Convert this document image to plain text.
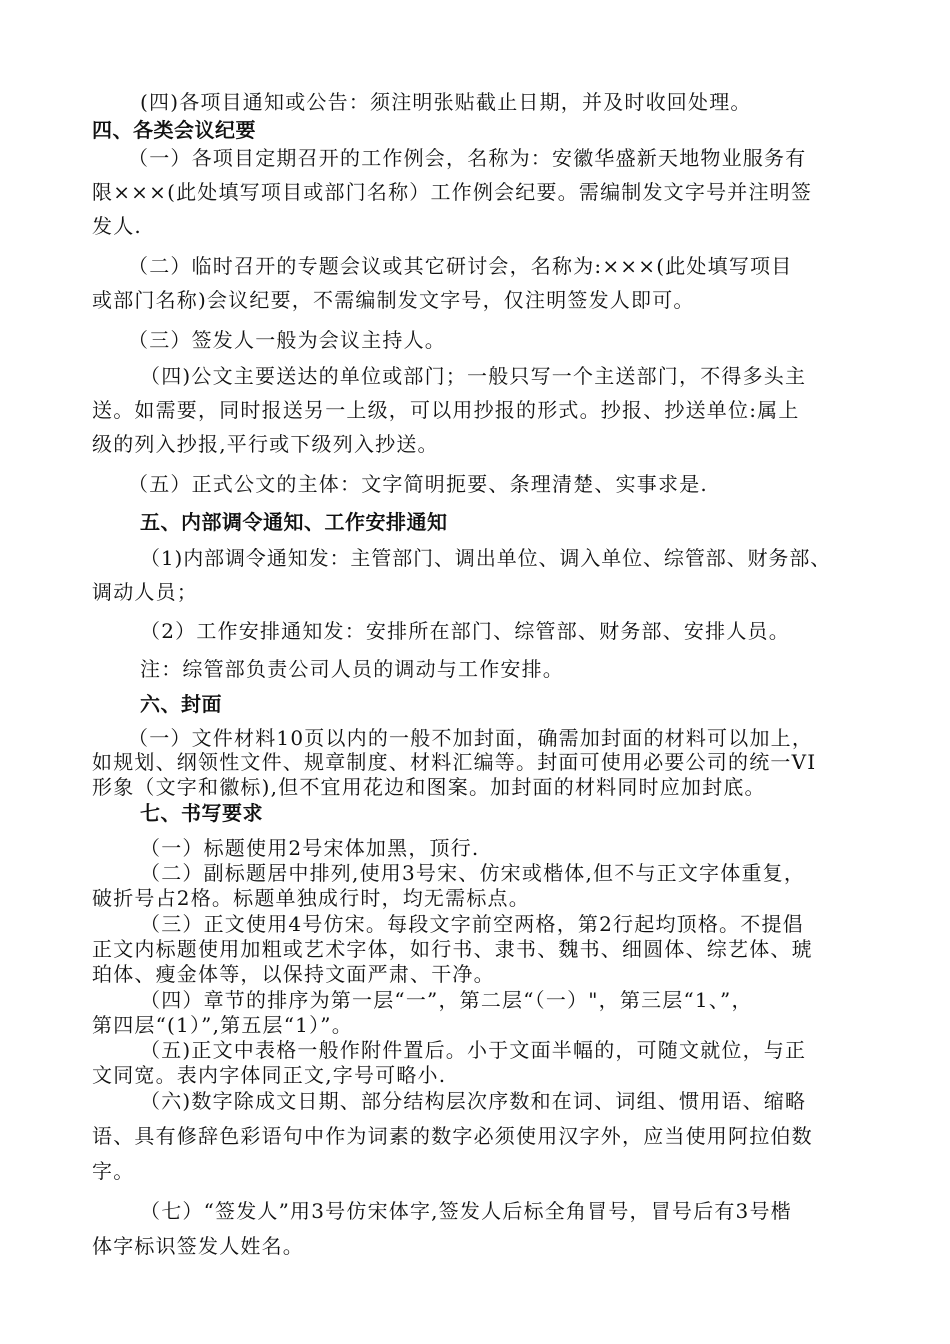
(四)各项目通知或公告：须注明张贴截止日期，并及时收回处理。
四、各类会议纪要
（一）各项目定期召开的工作例会，名称为：安徽华盛新天地物业服务有
限×××(此处填写项目或部门名称）工作例会纪要。需编制发文字号并注明签
发人.
（二）临时召开的专题会议或其它研讨会，名称为:×××(此处填写项目
或部门名称)会议纪要，不需编制发文字号，仅注明签发人即可。
（三）签发人一般为会议主持人。
（四)公文主要送达的单位或部门；一般只写一个主送部门，不得多头主
送。如需要，同时报送另一上级，可以用抄报的形式。抄报、抄送单位:属上
级的列入抄报,平行或下级列入抄送。
（五）正式公文的主体：文字简明扼要、条理清楚、实事求是.
五、内部调令通知、工作安排通知
（1)内部调令通知发：主管部门、调出单位、调入单位、综管部、财务部、
调动人员；
（2）工作安排通知发：安排所在部门、综管部、财务部、安排人员。
注：综管部负责公司人员的调动与工作安排。
六、封面
（一）文件材料10页以内的一般不加封面，确需加封面的材料可以加上，
如规划、纲领性文件、规章制度、材料汇编等。封面可使用必要公司的统一VI
形象（文字和徽标),但不宜用花边和图案。加封面的材料同时应加封底。
七、书写要求
（一）标题使用2号宋体加黑，顶行.
（二）副标题居中排列,使用3号宋、仿宋或楷体,但不与正文字体重复，
破折号占2格。标题单独成行时，均无需标点。
（三）正文使用4号仿宋。每段文字前空两格，第2行起均顶格。不提倡
正文内标题使用加粗或艺术字体，如行书、隶书、魏书、细圆体、综艺体、琥
珀体、瘦金体等，以保持文面严肃、干净。
（四）章节的排序为第一层“一”，第二层“（一）"，第三层“1、”，
第四层“(1）”,第五层“1）”。
（五)正文中表格一般作附件置后。小于文面半幅的，可随文就位，与正
文同宽。表内字体同正文,字号可略小.
（六)数字除成文日期、部分结构层次序数和在词、词组、惯用语、缩略
语、具有修辞色彩语句中作为词素的数字必须使用汉字外，应当使用阿拉伯数
字。
（七）“签发人”用3号仿宋体字,签发人后标全角冒号，冒号后有3号楷
体字标识签发人姓名。
